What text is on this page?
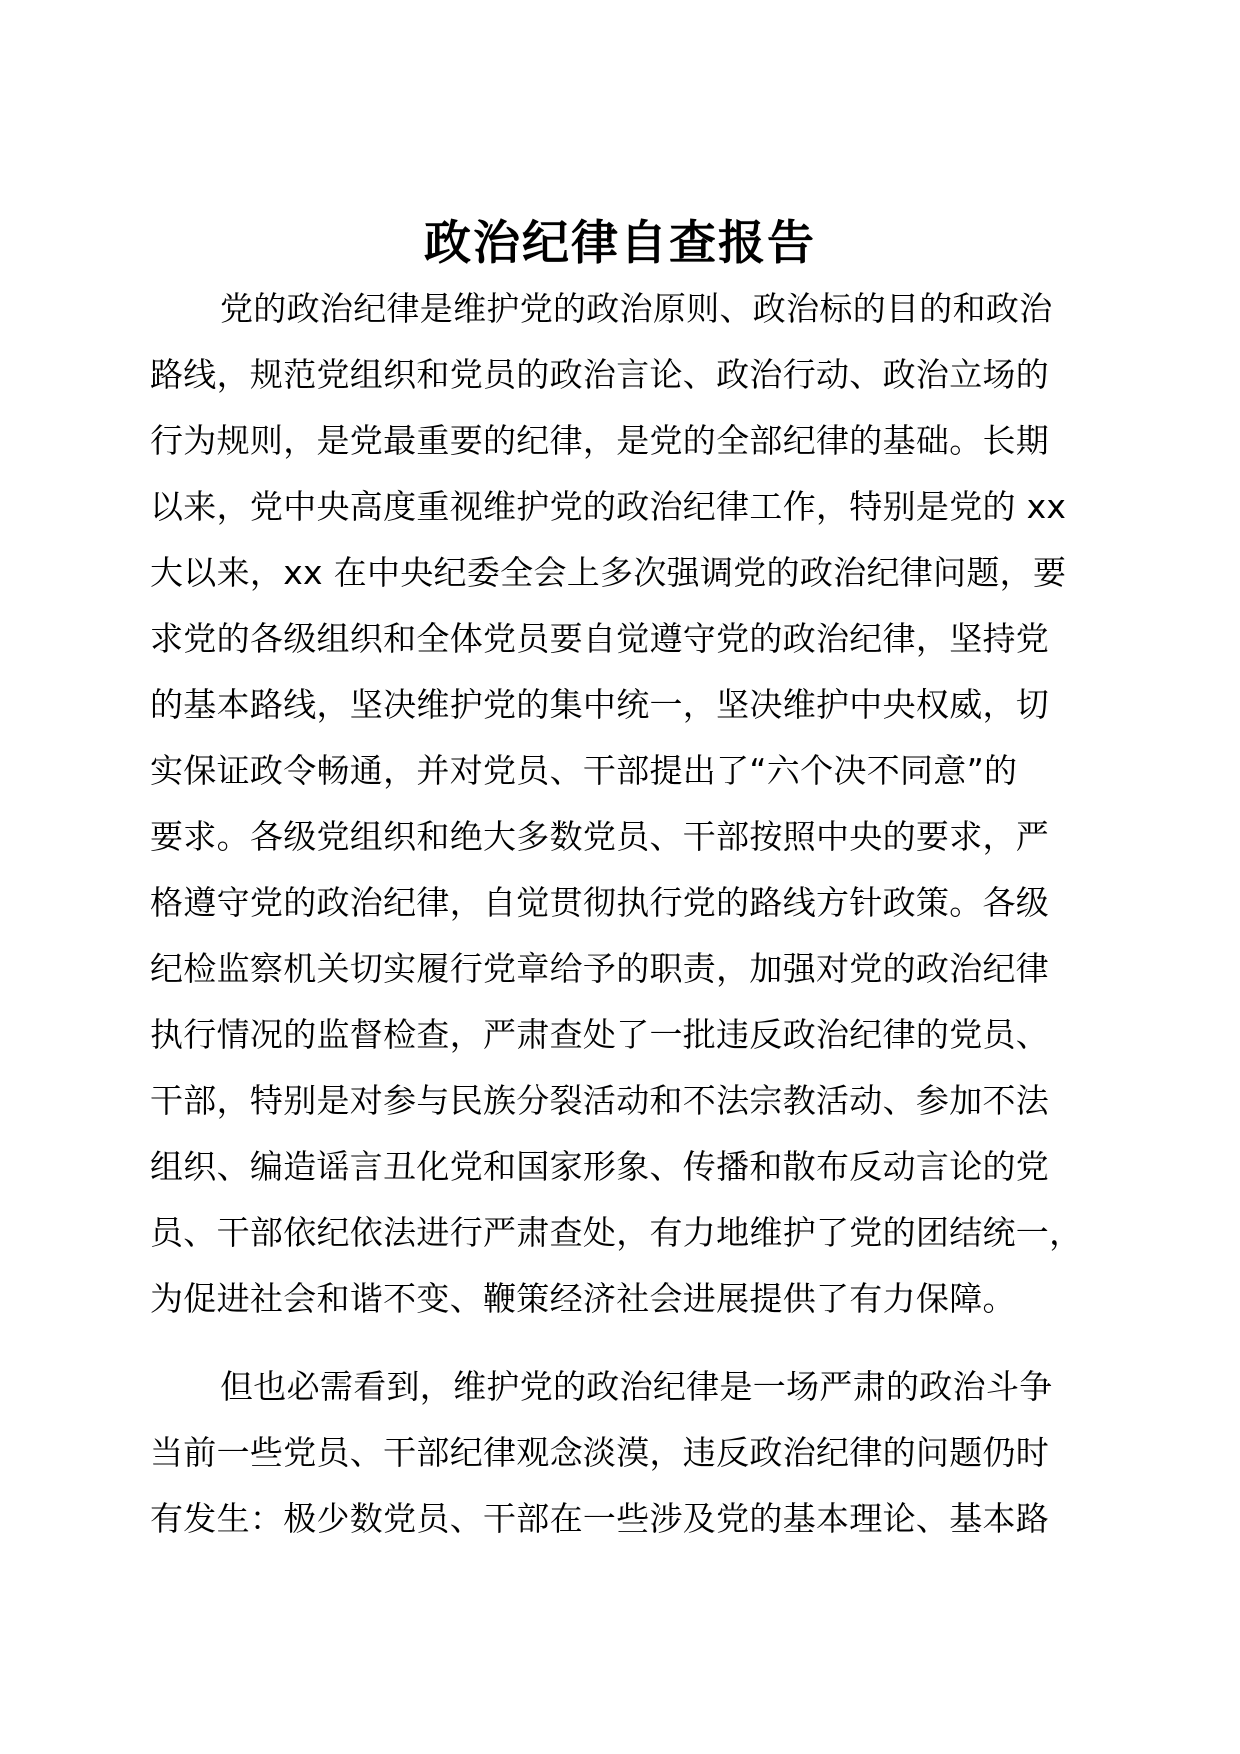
政治纪律自查报告
党的政治纪律是维护党的政治原则、政治标的目的和政治
路线，规范党组织和党员的政治言论、政治行动、政治立场的
行为规则，是党最重要的纪律，是党的全部纪律的基础。长期
以来，党中央高度重视维护党的政治纪律工作，特别是党的 xx
大以来，xx 在中央纪委全会上多次强调党的政治纪律问题，要
求党的各级组织和全体党员要自觉遵守党的政治纪律，坚持党
的基本路线，坚决维护党的集中统一，坚决维护中央权威，切
实保证政令畅通，并对党员、干部提出了“六个决不同意”的
要求。各级党组织和绝大多数党员、干部按照中央的要求，严
格遵守党的政治纪律，自觉贯彻执行党的路线方针政策。各级
纪检监察机关切实履行党章给予的职责，加强对党的政治纪律
执行情况的监督检查，严肃查处了一批违反政治纪律的党员、
干部，特别是对参与民族分裂活动和不法宗教活动、参加不法
组织、编造谣言丑化党和国家形象、传播和散布反动言论的党
员、干部依纪依法进行严肃查处，有力地维护了党的团结统一，
为促进社会和谐不变、鞭策经济社会进展提供了有力保障。
但也必需看到，维护党的政治纪律是一场严肃的政治斗争
当前一些党员、干部纪律观念淡漠，违反政治纪律的问题仍时
有发生：极少数党员、干部在一些涉及党的基本理论、基本路
